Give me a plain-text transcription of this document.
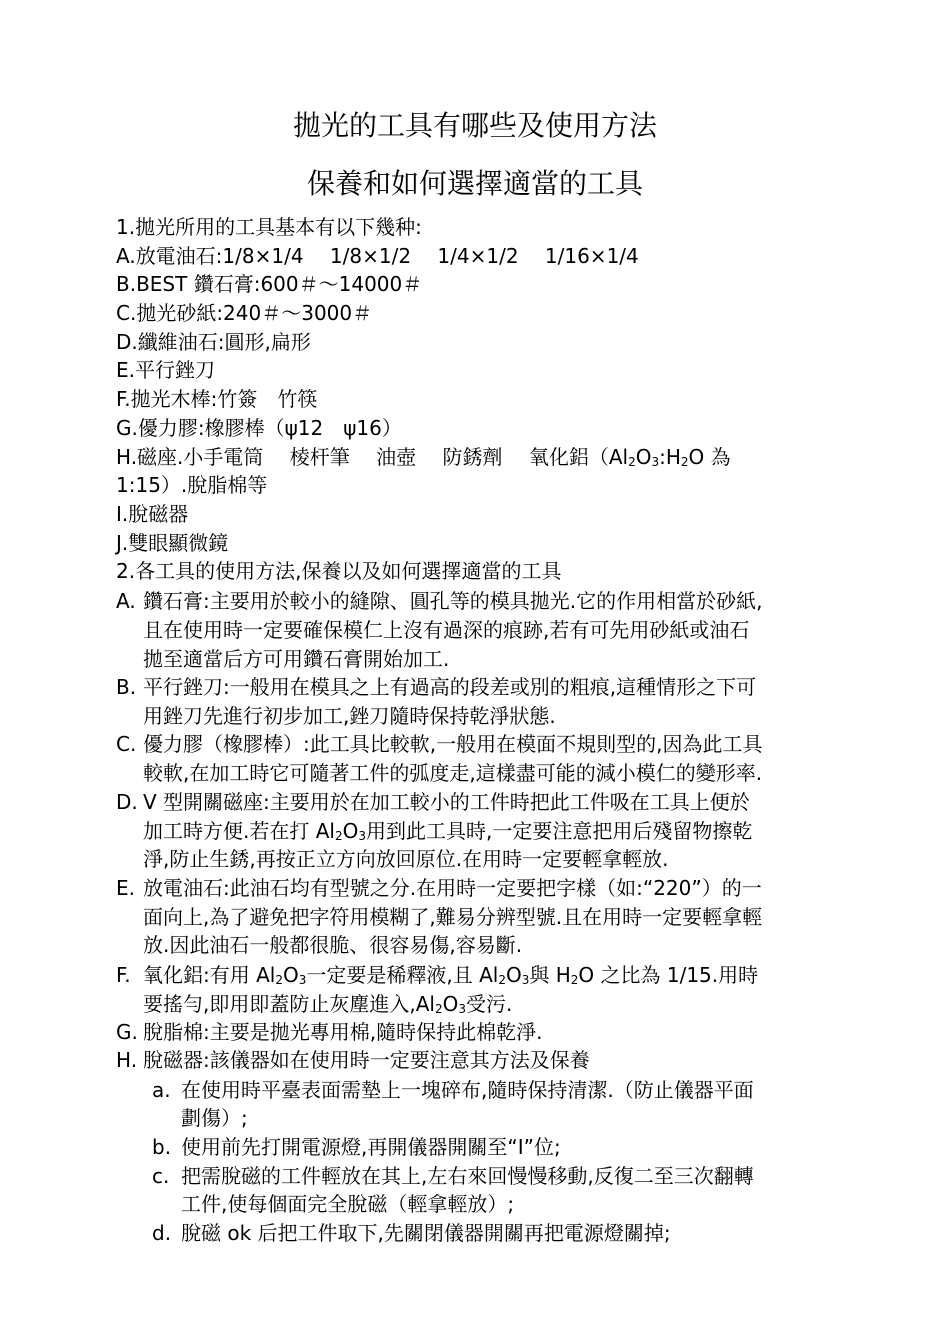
拋光的工具有哪些及使用方法
保養和如何選擇適當的工具
1.拋光所用的工具基本有以下幾种:
A.放電油石:1/8×1/4　 1/8×1/2　 1/4×1/2　 1/16×1/4
B.BEST 鑽石膏:600＃～14000＃
C.拋光砂紙:240＃～3000＃
D.纖維油石:圓形,扁形
E.平行銼刀
F.拋光木棒:竹簽　竹筷
G.優力膠:橡膠棒（ψ12　ψ16）
H.磁座.小手電筒　 棱杆筆　 油壺　 防銹劑　 氧化鋁（$Al_2O_3:H_2O$ 為
1:15）.脫脂棉等
I.脫磁器
J.雙眼顯微鏡
2.各工具的使用方法,保養以及如何選擇適當的工具
A. 鑽石膏:主要用於較小的縫隙、圓孔等的模具拋光.它的作用相當於砂紙,
且在使用時一定要確保模仁上沒有過深的痕跡,若有可先用砂紙或油石
拋至適當后方可用鑽石膏開始加工.
B. 平行銼刀:一般用在模具之上有過高的段差或別的粗痕,這種情形之下可
用銼刀先進行初步加工,銼刀隨時保持乾淨狀態.
C. 優力膠（橡膠棒）:此工具比較軟,一般用在模面不規則型的,因為此工具
較軟,在加工時它可隨著工件的弧度走,這樣盡可能的減小模仁的變形率.
D. V 型開關磁座:主要用於在加工較小的工件時把此工件吸在工具上便於
加工時方便.若在打 $Al_2O_3$用到此工具時,一定要注意把用后殘留物擦乾
淨,防止生銹,再按正立方向放回原位.在用時一定要輕拿輕放.
E. 放電油石:此油石均有型號之分.在用時一定要把字樣（如:“220”）的一
面向上,為了避免把字符用模糊了,難易分辨型號.且在用時一定要輕拿輕
放.因此油石一般都很脆、很容易傷,容易斷.
F. 氧化鋁:有用 $Al_2O_3$一定要是稀釋液,且 $Al_2O_3$與 $H_2O$ 之比為 1/15.用時
要搖勻,即用即蓋防止灰塵進入$,Al_2O_3$受污.
G. 脫脂棉:主要是拋光專用棉,隨時保持此棉乾淨.
H. 脫磁器:該儀器如在使用時一定要注意其方法及保養
a. 在使用時平臺表面需墊上一塊碎布,隨時保持清潔.（防止儀器平面
劃傷）;
b. 使用前先打開電源燈,再開儀器開關至“I”位;
c. 把需脫磁的工件輕放在其上,左右來回慢慢移動,反復二至三次翻轉
工件,使每個面完全脫磁（輕拿輕放）;
d. 脫磁 ok 后把工件取下,先關閉儀器開關再把電源燈關掉;
